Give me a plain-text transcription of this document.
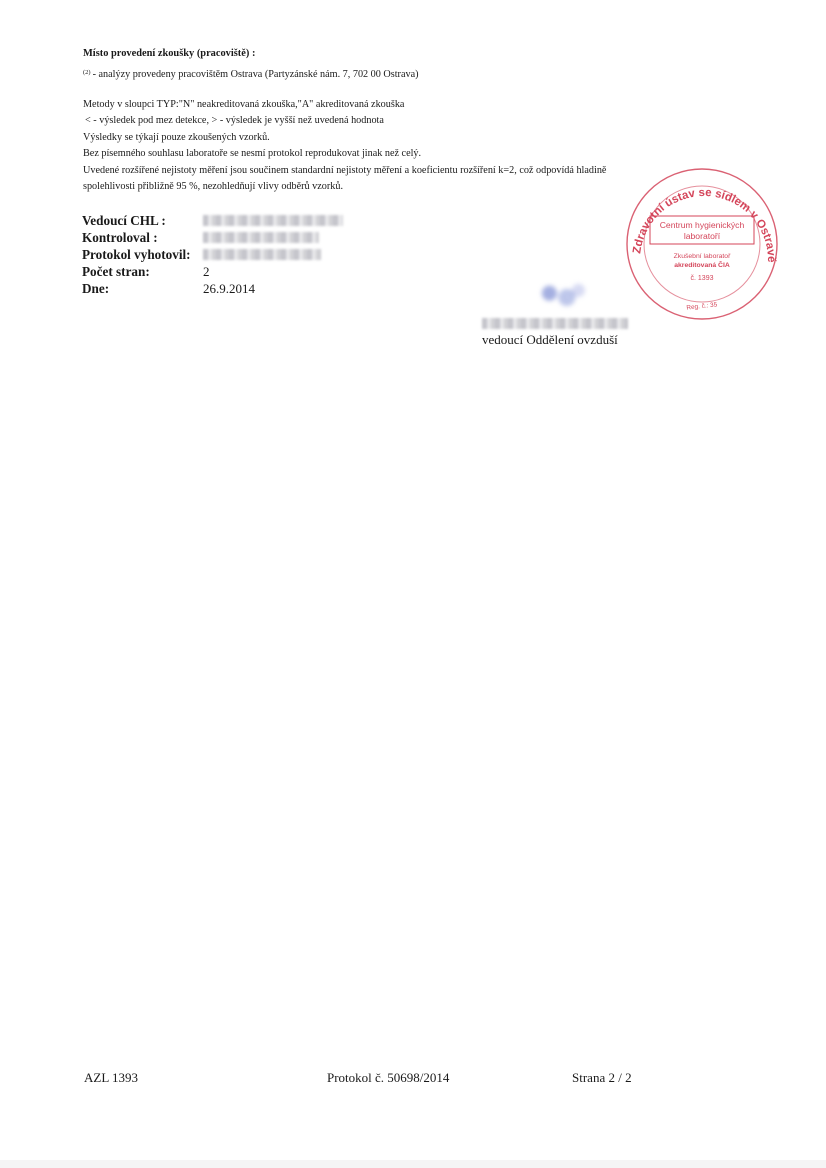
Místo provedení zkoušky (pracoviště) :
$^{(2)}$ - analýzy provedeny pracovištěm Ostrava (Partyzánské nám. 7, 702 00 Ostrava)
Metody v sloupci TYP:"N" neakreditovaná zkouška,"A" akreditovaná zkouška
< - výsledek pod mez detekce, > - výsledek je vyšší než uvedená hodnota
Výsledky se týkají pouze zkoušených vzorků.
Bez písemného souhlasu laboratoře se nesmí protokol reprodukovat jinak než celý.
Uvedené rozšířené nejistoty měření jsou součinem standardní nejistoty měření a koeficientu rozšíření k=2, což odpovídá hladině
spolehlivosti přibližně 95 %, nezohledňují vlivy odběrů vzorků.
Vedoucí CHL :
Kontroloval :
Protokol vyhotovil:
Počet stran:
Dne:
2
26.9.2014
vedoucí Oddělení ovzduší
Zdravotní ústav se sídlem v Ostravě
Centrum hygienických
laboratoří
Zkušební laboratoř
akreditovaná ČIA
č. 1393
Reg. č.: 35
AZL 1393	Protokol č. 50698/2014	Strana 2 / 2
